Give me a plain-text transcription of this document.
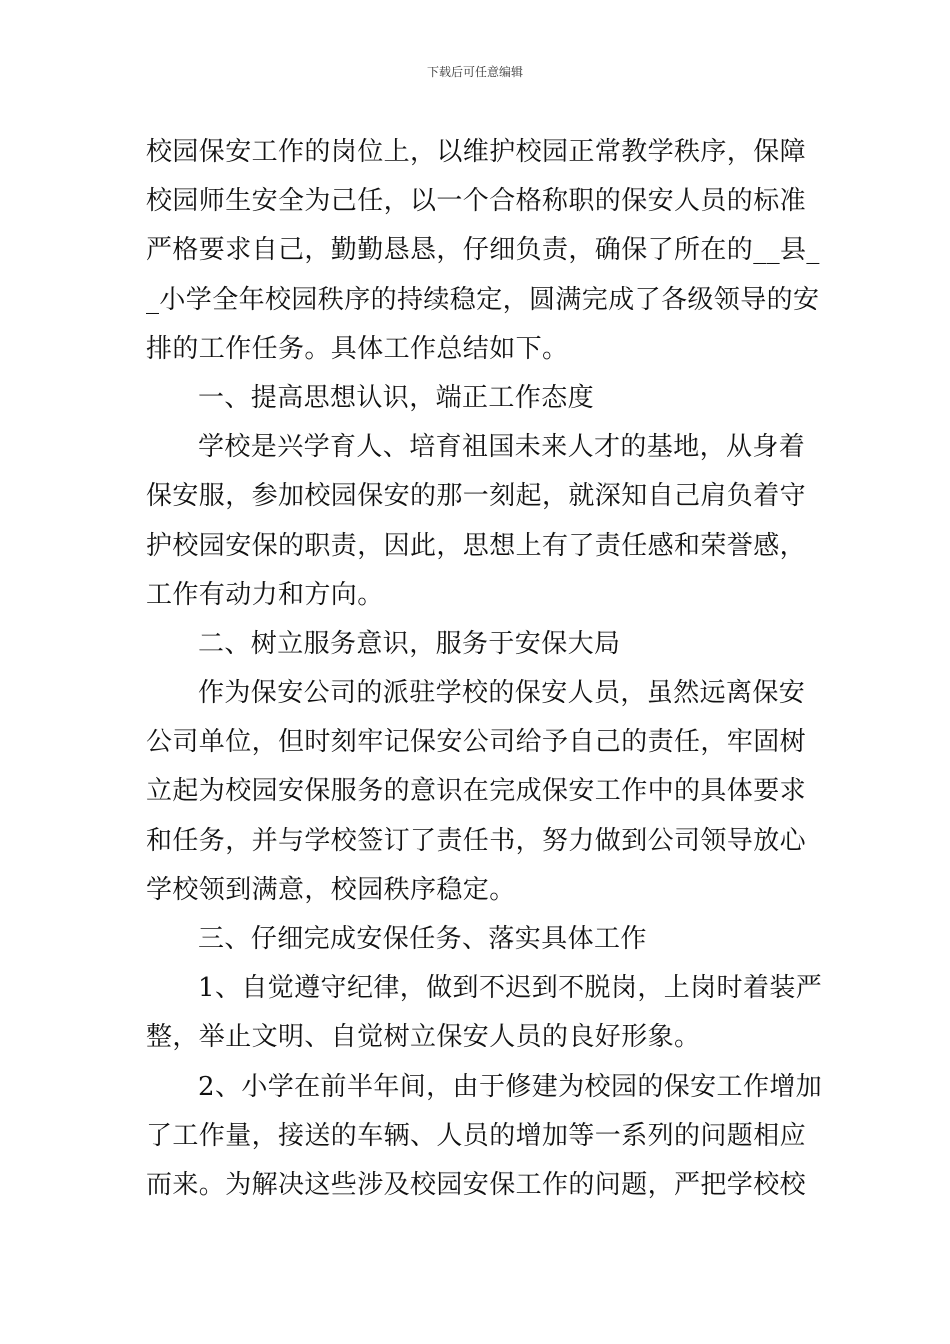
下载后可任意编辑
校园保安工作的岗位上，以维护校园正常教学秩序，保障
校园师生安全为己任，以一个合格称职的保安人员的标准
严格要求自己，勤勤恳恳，仔细负责，确保了所在的__县_
_小学全年校园秩序的持续稳定，圆满完成了各级领导的安
排的工作任务。具体工作总结如下。
一、提高思想认识，端正工作态度
学校是兴学育人、培育祖国未来人才的基地，从身着
保安服，参加校园保安的那一刻起，就深知自己肩负着守
护校园安保的职责，因此，思想上有了责任感和荣誉感，
工作有动力和方向。
二、树立服务意识，服务于安保大局
作为保安公司的派驻学校的保安人员，虽然远离保安
公司单位，但时刻牢记保安公司给予自己的责任，牢固树
立起为校园安保服务的意识在完成保安工作中的具体要求
和任务，并与学校签订了责任书，努力做到公司领导放心
学校领到满意，校园秩序稳定。
三、仔细完成安保任务、落实具体工作
1、自觉遵守纪律，做到不迟到不脱岗，上岗时着装严
整，举止文明、自觉树立保安人员的良好形象。
2、小学在前半年间，由于修建为校园的保安工作增加
了工作量，接送的车辆、人员的增加等一系列的问题相应
而来。为解决这些涉及校园安保工作的问题，严把学校校
